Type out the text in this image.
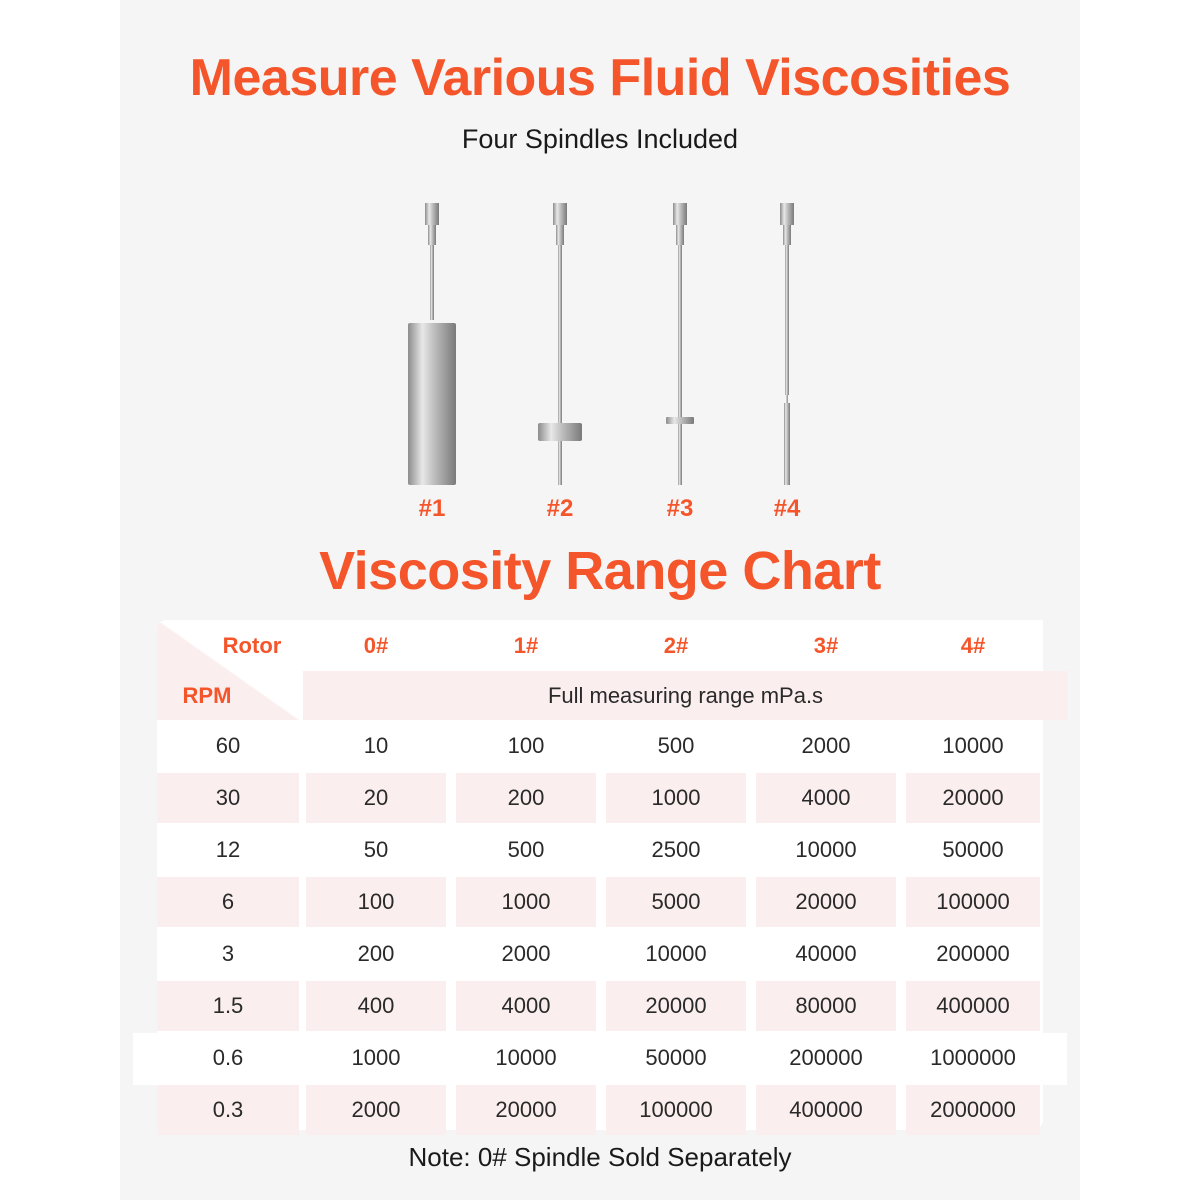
Measure Various Fluid Viscosities
Four Spindles Included
#1	#2	#3	#4
Viscosity Range Chart
Rotor
RPM
0#	1#	2#	3#	4#
Full measuring range mPa.s
60	10	100	500	2000	10000
30	20	200	1000	4000	20000
12	50	500	2500	10000	50000
6	100	1000	5000	20000	100000
3	200	2000	10000	40000	200000
1.5	400	4000	20000	80000	400000
0.6	1000	10000	50000	200000	1000000
0.3	2000	20000	100000	400000	2000000
Note: 0# Spindle Sold Separately
